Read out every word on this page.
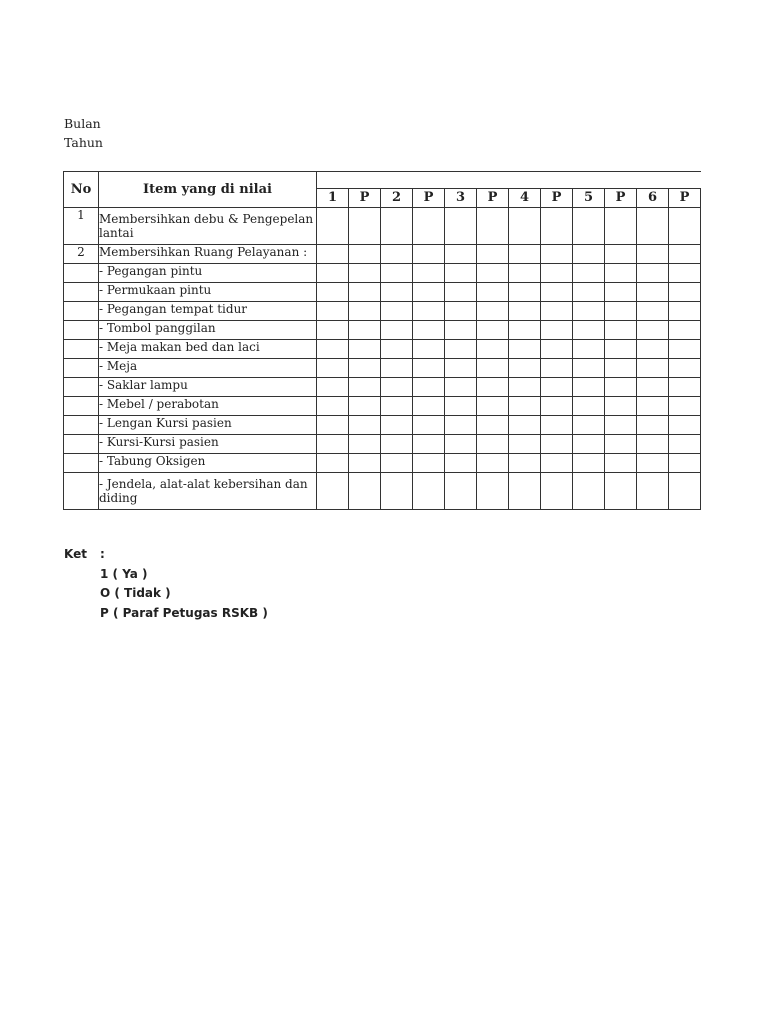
Bulan
Tahun
No	Item yang di nilai												
		1	P	2	P	3	P	4	P	5	P	6	P
1	Membersihkan debu & Pengepelan lantai												
2	Membersihkan Ruang Pelayanan :												
	- Pegangan pintu												
	- Permukaan pintu												
	- Pegangan tempat tidur												
	- Tombol panggilan												
	- Meja makan bed dan laci												
	- Meja												
	- Saklar lampu												
	- Mebel / perabotan												
	- Lengan Kursi pasien												
	- Kursi-Kursi pasien												
	- Tabung Oksigen												
	- Jendela, alat-alat kebersihan dan diding												
Ket	:
1 ( Ya )
O ( Tidak )
P ( Paraf Petugas RSKB )
